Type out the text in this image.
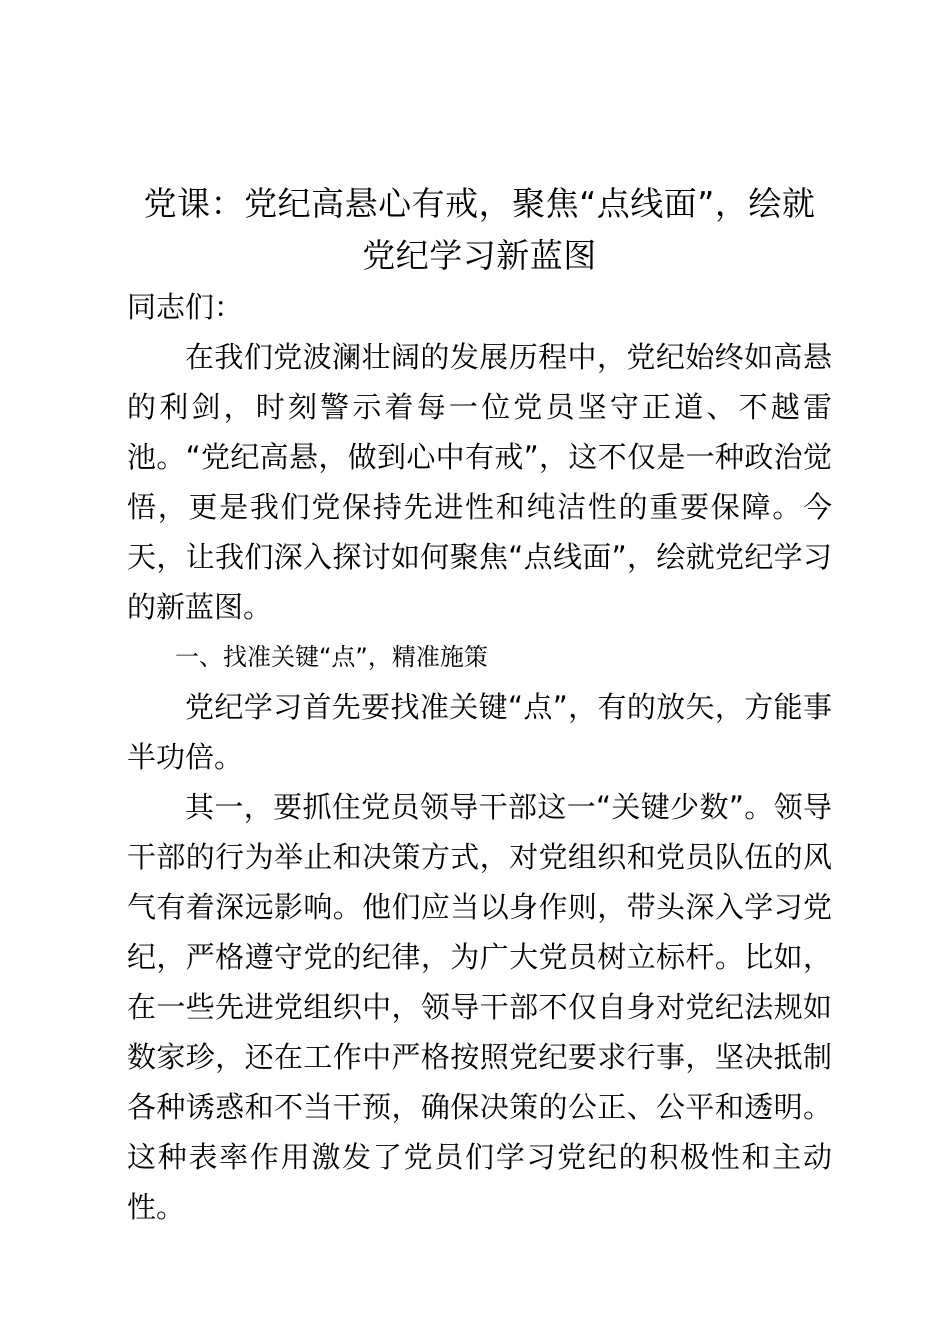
党课：党纪高悬心有戒，聚焦“点线面”，绘就党纪学习新蓝图

同志们：

在我们党波澜壮阔的发展历程中，党纪始终如高悬的利剑，时刻警示着每一位党员坚守正道、不越雷池。“党纪高悬，做到心中有戒”，这不仅是一种政治觉悟，更是我们党保持先进性和纯洁性的重要保障。今天，让我们深入探讨如何聚焦“点线面”，绘就党纪学习的新蓝图。

一、找准关键“点”，精准施策

党纪学习首先要找准关键“点”，有的放矢，方能事半功倍。

其一，要抓住党员领导干部这一“关键少数”。领导干部的行为举止和决策方式，对党组织和党员队伍的风气有着深远影响。他们应当以身作则，带头深入学习党纪，严格遵守党的纪律，为广大党员树立标杆。比如，在一些先进党组织中，领导干部不仅自身对党纪法规如数家珍，还在工作中严格按照党纪要求行事，坚决抵制各种诱惑和不当干预，确保决策的公正、公平和透明。这种表率作用激发了党员们学习党纪的积极性和主动性。
